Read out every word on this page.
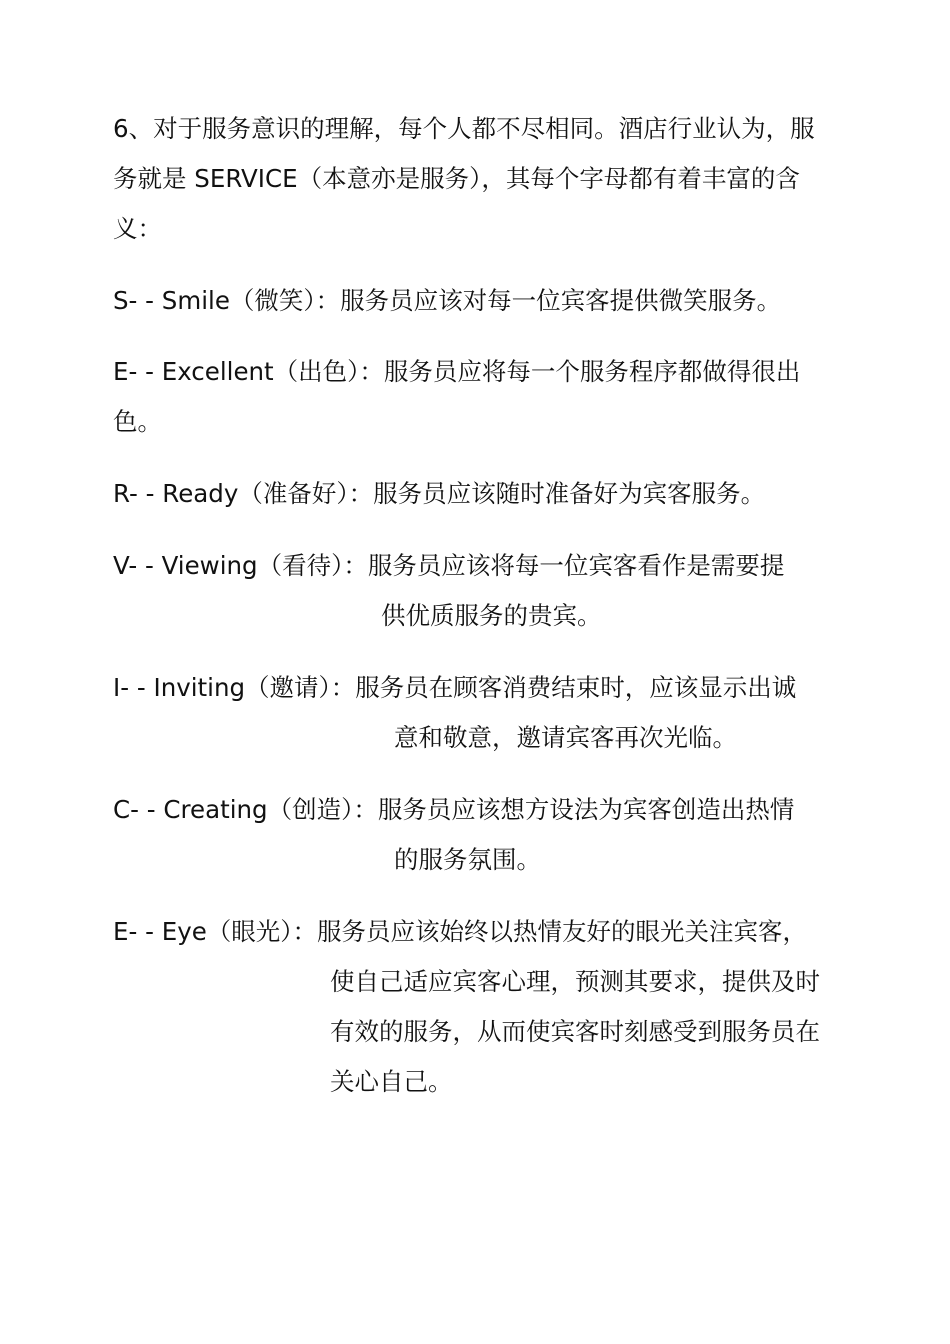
6、对于服务意识的理解，每个人都不尽相同。酒店行业认为，服
务就是 SERVICE（本意亦是服务），其每个字母都有着丰富的含
义：
S- - Smile（微笑）：服务员应该对每一位宾客提供微笑服务。
E- - Excellent（出色）：服务员应将每一个服务程序都做得很出
色。
R- - Ready（准备好）：服务员应该随时准备好为宾客服务。
V- - Viewing（看待）：服务员应该将每一位宾客看作是需要提
供优质服务的贵宾。
I- - Inviting（邀请）：服务员在顾客消费结束时，应该显示出诚
意和敬意，邀请宾客再次光临。
C- - Creating（创造）：服务员应该想方设法为宾客创造出热情
的服务氛围。
E- - Eye（眼光）：服务员应该始终以热情友好的眼光关注宾客，
使自己适应宾客心理，预测其要求，提供及时
有效的服务，从而使宾客时刻感受到服务员在
关心自己。
